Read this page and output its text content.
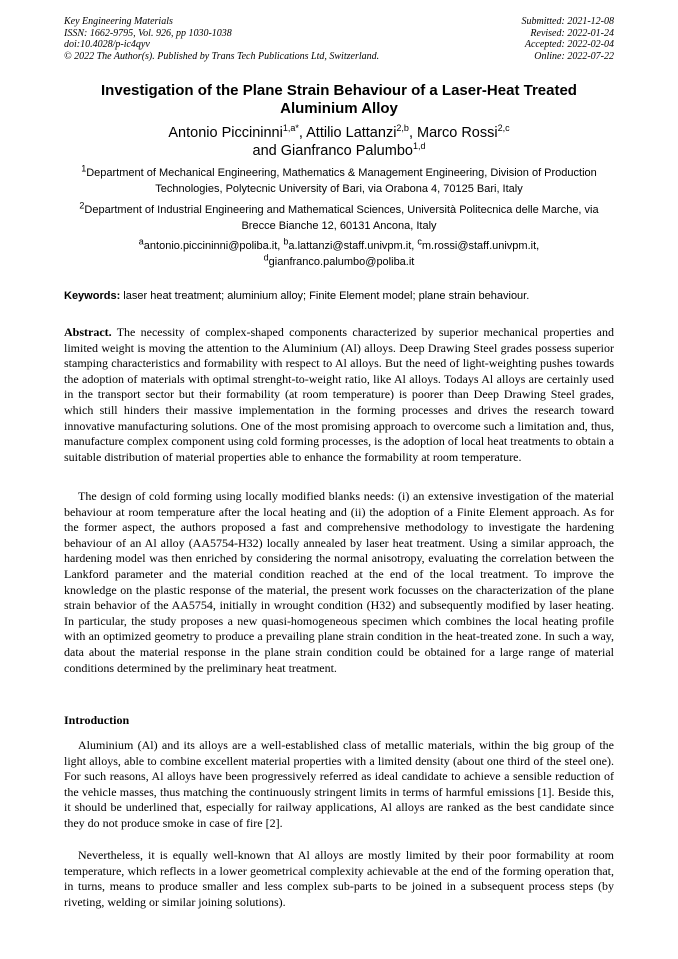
Key Engineering Materials
ISSN: 1662-9795, Vol. 926, pp 1030-1038
doi:10.4028/p-ic4qyv
© 2022 The Author(s). Published by Trans Tech Publications Ltd, Switzerland.
Submitted: 2021-12-08
Revised: 2022-01-24
Accepted: 2022-02-04
Online: 2022-07-22
Investigation of the Plane Strain Behaviour of a Laser-Heat Treated Aluminium Alloy
Antonio Piccininni$^{1,a*}$, Attilio Lattanzi$^{2,b}$, Marco Rossi$^{2,c}$
and Gianfranco Palumbo$^{1,d}$
$^1$Department of Mechanical Engineering, Mathematics & Management Engineering, Division of Production Technologies, Polytecnic University of Bari, via Orabona 4, 70125 Bari, Italy
$^2$Department of Industrial Engineering and Mathematical Sciences, Università Politecnica delle Marche, via Brecce Bianche 12, 60131 Ancona, Italy
$^a$antonio.piccininni@poliba.it, $^b$a.lattanzi@staff.univpm.it, $^c$m.rossi@staff.univpm.it,
$^d$gianfranco.palumbo@poliba.it
Keywords: laser heat treatment; aluminium alloy; Finite Element model; plane strain behaviour.
Abstract. The necessity of complex-shaped components characterized by superior mechanical properties and limited weight is moving the attention to the Aluminium (Al) alloys. Deep Drawing Steel grades possess superior stamping characteristics and formability with respect to Al alloys. But the need of light-weighting pushes towards the adoption of materials with optimal strenght-to-weight ratio, like Al alloys. Todays Al alloys are certainly used in the transport sector but their formability (at room temperature) is poorer than Deep Drawing Steel grades, which still hinders their massive implementation in the forming processes and drives the research toward innovative manufacturing solutions. One of the most promising approach to overcome such a limitation and, thus, manufacture complex component using cold forming processes, is the adoption of local heat treatments to obtain a suitable distribution of material properties able to enhance the formability at room temperature.
The design of cold forming using locally modified blanks needs: (i) an extensive investigation of the material behaviour at room temperature after the local heating and (ii) the adoption of a Finite Element approach. As for the former aspect, the authors proposed a fast and comprehensive methodology to investigate the hardening behaviour of an Al alloy (AA5754-H32) locally annealed by laser heat treatment. Using a similar approach, the hardening model was then enriched by considering the normal anisotropy, evaluating the correlation between the Lankford parameter and the material condition reached at the end of the local treatment. To improve the knowledge on the plastic response of the material, the present work focusses on the characterization of the plane strain behavior of the AA5754, initially in wrought condition (H32) and subsequently modified by laser heating. In particular, the study proposes a new quasi-homogeneous specimen which combines the local heating profile with an optimized geometry to produce a prevailing plane strain condition in the heat-treated zone. In such a way, data about the material response in the plane strain condition could be obtained for a large range of material conditions determined by the preliminary heat treatment.
Introduction
Aluminium (Al) and its alloys are a well-established class of metallic materials, within the big group of the light alloys, able to combine excellent material properties with a limited density (about one third of the steel one). For such reasons, Al alloys have been progressively referred as ideal candidate to achieve a sensible reduction of the vehicle masses, thus matching the continuously stringent limits in terms of harmful emissions [1]. Beside this, it should be underlined that, especially for railway applications, Al alloys are ranked as the best candidate since they do not produce smoke in case of fire [2].
Nevertheless, it is equally well-known that Al alloys are mostly limited by their poor formability at room temperature, which reflects in a lower geometrical complexity achievable at the end of the forming operation that, in turns, means to produce smaller and less complex sub-parts to be joined in a subsequent process steps (by riveting, welding or similar joining solutions).
